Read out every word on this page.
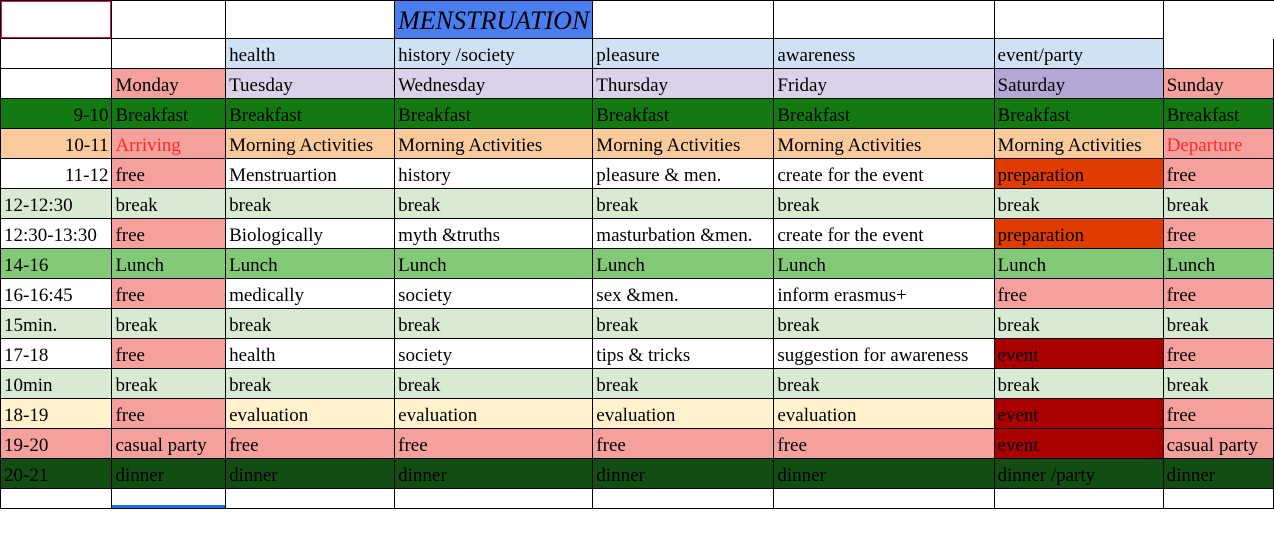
			MENSTRUATION				
		health	history /society	pleasure	awareness	event/party	
	Monday	Tuesday	Wednesday	Thursday	Friday	Saturday	Sunday
9-10	Breakfast	Breakfast	Breakfast	Breakfast	Breakfast	Breakfast	Breakfast
10-11	Arriving	Morning Activities	Morning Activities	Morning Activities	Morning Activities	Morning Activities	Departure
11-12	free	Menstruartion	history	pleasure & men.	create for the event	preparation	free
12-12:30	break	break	break	break	break	break	break
12:30-13:30	free	Biologically	myth &truths	masturbation &men.	create for the event	preparation	free
14-16	Lunch	Lunch	Lunch	Lunch	Lunch	Lunch	Lunch
16-16:45	free	medically	society	sex &men.	inform erasmus+	free	free
15min.	break	break	break	break	break	break	break
17-18	free	health	society	tips & tricks	suggestion for awareness	event	free
10min	break	break	break	break	break	break	break
18-19	free	evaluation	evaluation	evaluation	evaluation	event	free
19-20	casual party	free	free	free	free	event	casual party
20-21	dinner	dinner	dinner	dinner	dinner	dinner /party	dinner
